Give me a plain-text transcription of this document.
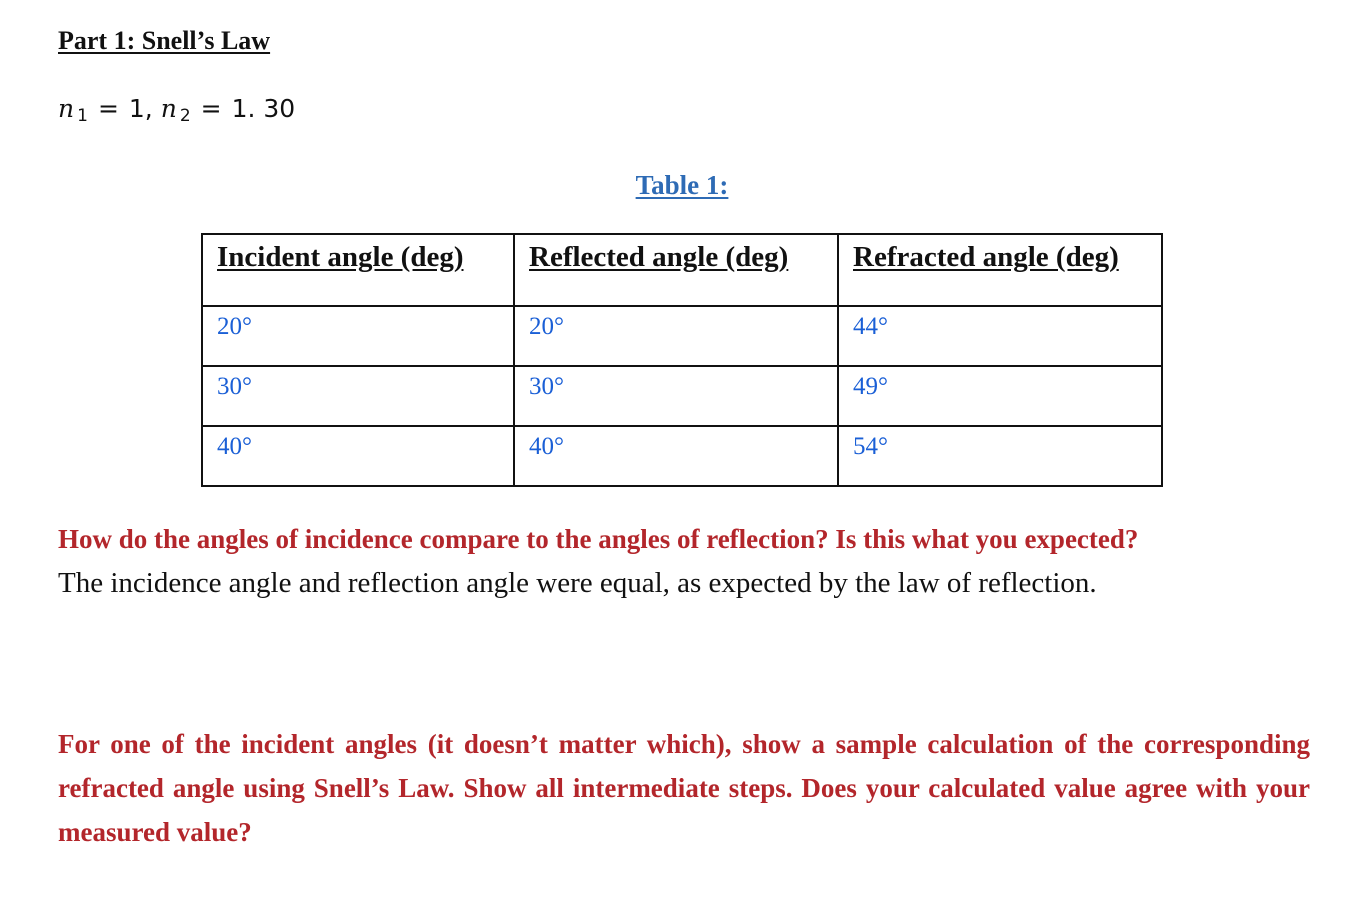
Part 1: Snell’s Law
n $_1$ = 1, n $_2$ = 1. 30
Table 1:
Incident angle (deg)	Reflected angle (deg)	Refracted angle (deg)
20°	20°	44°
30°	30°	49°
40°	40°	54°

How do the angles of incidence compare to the angles of reflection? Is this what you expected?

The incidence angle and reflection angle were equal, as expected by the law of reflection.

For one of the incident angles (it doesn’t matter which), show a sample calculation of the corresponding refracted angle using Snell’s Law. Show all intermediate steps. Does your calculated value agree with your measured value?
